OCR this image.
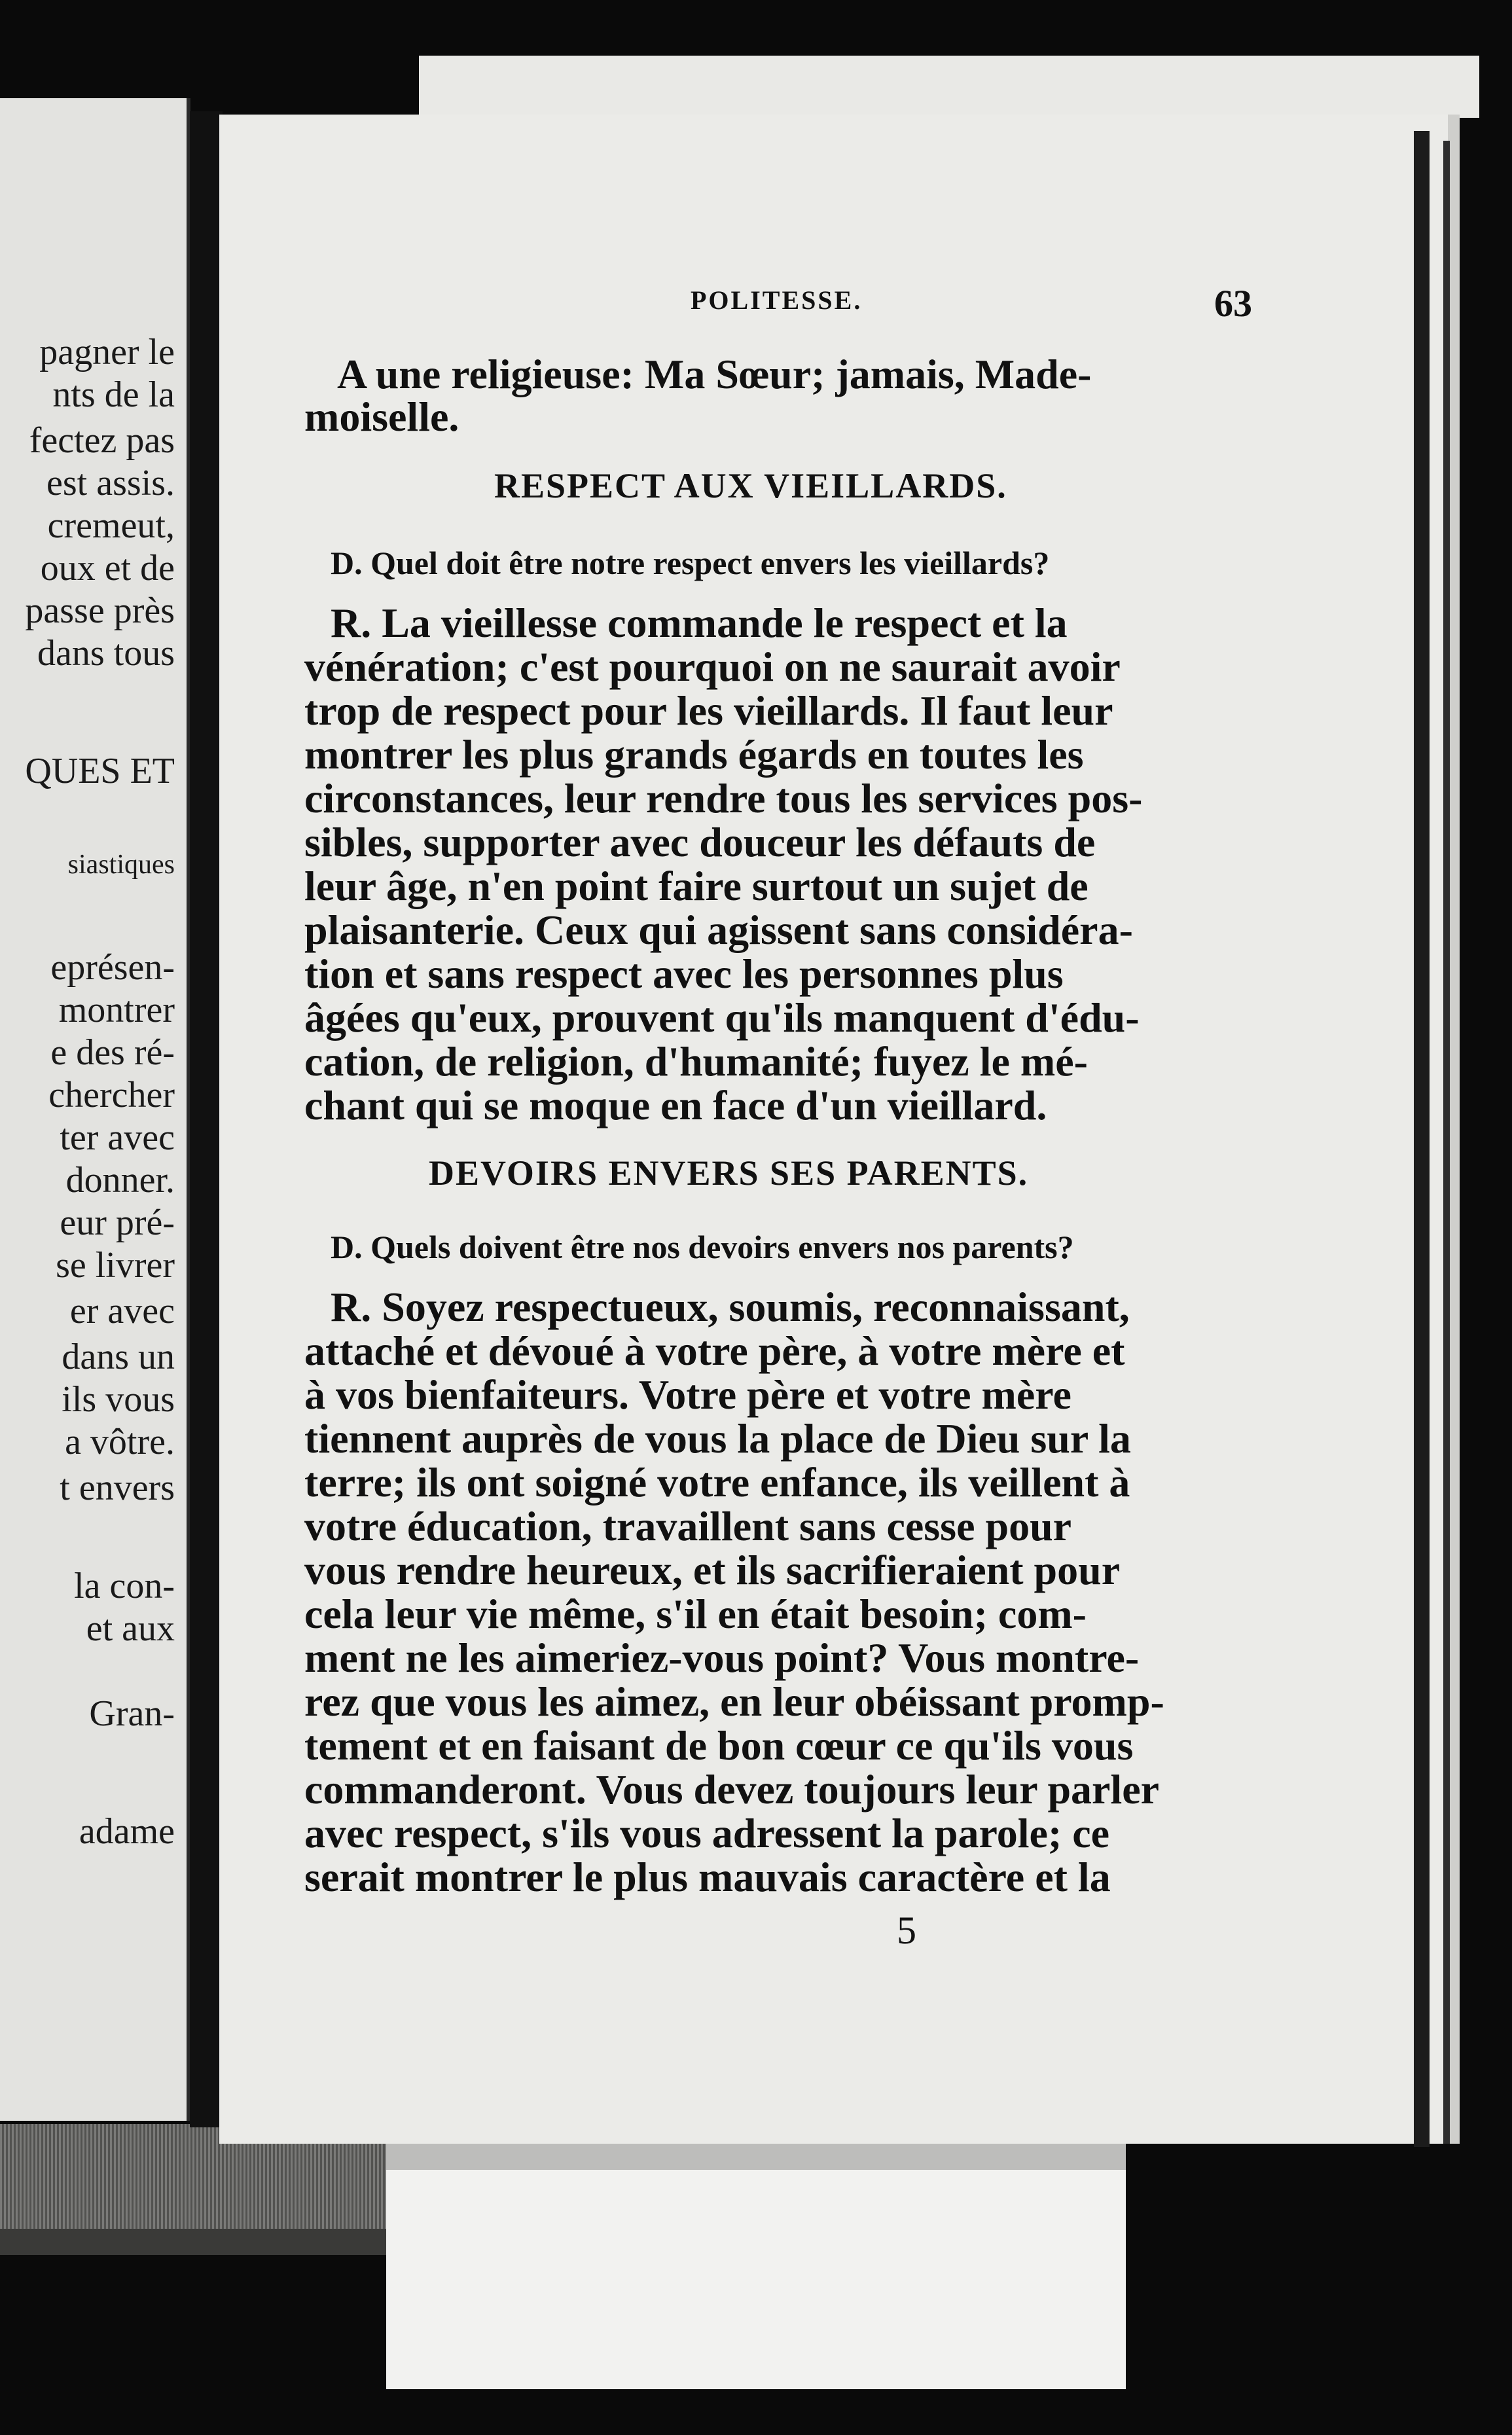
pagner le
nts de la
fectez pas
est assis.
cremeut,
oux et de
passe près
dans tous
QUES ET
siastiques
eprésen-
montrer
e des ré-
chercher
ter avec
donner.
eur pré-
se livrer
er avec
dans un
ils vous
a vôtre.
t envers
la con-
et aux
Gran-
adame
POLITESSE.	63
A une religieuse: Ma Sœur; jamais, Made-
moiselle.
RESPECT AUX VIEILLARDS.
D. Quel doit être notre respect envers les vieillards?
R. La vieillesse commande le respect et la
vénération; c'est pourquoi on ne saurait avoir
trop de respect pour les vieillards. Il faut leur
montrer les plus grands égards en toutes les
circonstances, leur rendre tous les services pos-
sibles, supporter avec douceur les défauts de
leur âge, n'en point faire surtout un sujet de
plaisanterie. Ceux qui agissent sans considéra-
tion et sans respect avec les personnes plus
âgées qu'eux, prouvent qu'ils manquent d'édu-
cation, de religion, d'humanité; fuyez le mé-
chant qui se moque en face d'un vieillard.
DEVOIRS ENVERS SES PARENTS.
D. Quels doivent être nos devoirs envers nos parents?
R. Soyez respectueux, soumis, reconnaissant,
attaché et dévoué à votre père, à votre mère et
à vos bienfaiteurs. Votre père et votre mère
tiennent auprès de vous la place de Dieu sur la
terre; ils ont soigné votre enfance, ils veillent à
votre éducation, travaillent sans cesse pour
vous rendre heureux, et ils sacrifieraient pour
cela leur vie même, s'il en était besoin; com-
ment ne les aimeriez-vous point? Vous montre-
rez que vous les aimez, en leur obéissant promp-
tement et en faisant de bon cœur ce qu'ils vous
commanderont. Vous devez toujours leur parler
avec respect, s'ils vous adressent la parole; ce
serait montrer le plus mauvais caractère et la
5
